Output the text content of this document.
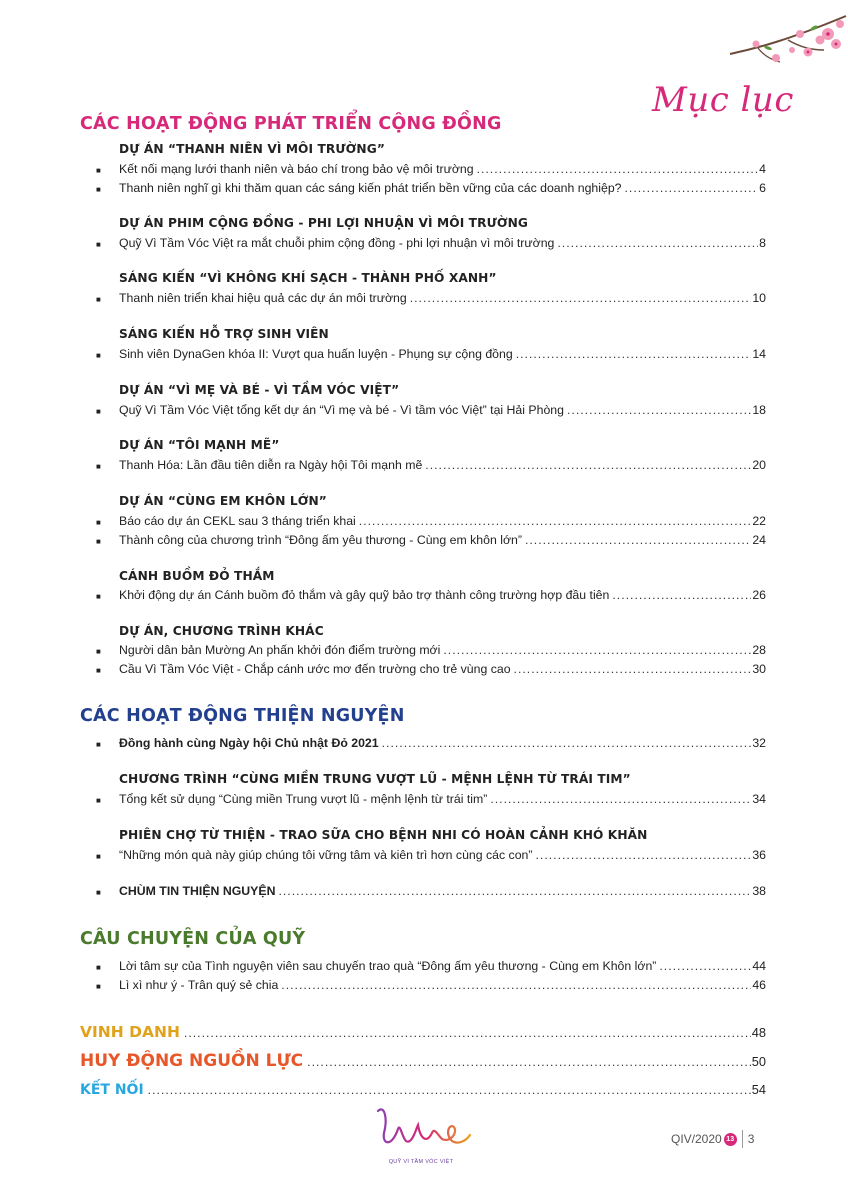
Mục lục
CÁC HOẠT ĐỘNG PHÁT TRIỂN CỘNG ĐỒNG
DỰ ÁN “THANH NIÊN VÌ MÔI TRƯỜNG”
■	Kết nối mạng lưới thanh niên và báo chí trong bảo vệ môi trường .....	4
■	Thanh niên nghĩ gì khi thăm quan các sáng kiến phát triển bền vững của các doanh nghiệp? .....	6
DỰ ÁN PHIM CỘNG ĐỒNG - PHI LỢI NHUẬN VÌ MÔI TRƯỜNG
■	Quỹ Vì Tầm Vóc Việt ra mắt chuỗi phim cộng đồng - phi lợi nhuận vì môi trường .....	8
SÁNG KIẾN “VÌ KHÔNG KHÍ SẠCH - THÀNH PHỐ XANH”
■	Thanh niên triển khai hiệu quả các dự án môi trường .....	10
SÁNG KIẾN HỖ TRỢ SINH VIÊN
■	Sinh viên DynaGen khóa II: Vượt qua huấn luyện - Phụng sự cộng đồng .....	14
DỰ ÁN “VÌ MẸ VÀ BÉ - VÌ TẦM VÓC VIỆT”
■	Quỹ Vì Tầm Vóc Việt tổng kết dự án “Vì mẹ và bé - Vì tầm vóc Việt” tại Hải Phòng .....	18
DỰ ÁN “TÔI MẠNH MẼ”
■	Thanh Hóa: Lần đầu tiên diễn ra Ngày hội Tôi mạnh mẽ .....	20
DỰ ÁN “CÙNG EM KHÔN LỚN”
■	Báo cáo dự án CEKL sau 3 tháng triển khai .....	22
■	Thành công của chương trình “Đông ấm yêu thương - Cùng em khôn lớn” .....	24
CÁNH BUỒM ĐỎ THẮM
■	Khởi động dự án Cánh buồm đỏ thắm và gây quỹ bảo trợ thành công trường hợp đầu tiên .....	26
DỰ ÁN, CHƯƠNG TRÌNH KHÁC
■	Người dân bản Mường An phấn khởi đón điểm trường mới .....	28
■	Cầu Vì Tầm Vóc Việt - Chắp cánh ước mơ đến trường cho trẻ vùng cao .....	30
CÁC HOẠT ĐỘNG THIỆN NGUYỆN
■	Đồng hành cùng Ngày hội Chủ nhật Đỏ 2021 .....	32
CHƯƠNG TRÌNH “CÙNG MIỀN TRUNG VƯỢT LŨ - MỆNH LỆNH TỪ TRÁI TIM”
■	Tổng kết sử dụng “Cùng miền Trung vượt lũ - mệnh lệnh từ trái tim” .....	34
PHIÊN CHỢ TỪ THIỆN - TRAO SỮA CHO BỆNH NHI CÓ HOÀN CẢNH KHÓ KHĂN
■	“Những món quà này giúp chúng tôi vững tâm và kiên trì hơn cùng các con” .....	36
■	CHÙM TIN THIỆN NGUYỆN .....	38
CÂU CHUYỆN CỦA QUỸ
■	Lời tâm sự của Tình nguyện viên sau chuyến trao quà “Đông ấm yêu thương - Cùng em Khôn lớn” .....	44
■	Lì xì như ý - Trân quý sẻ chia .....	46
VINH DANH .....	48
HUY ĐỘNG NGUỒN LỰC .....	50
KẾT NỐI .....	54
QUỸ VÌ TẦM VÓC VIỆT
QIV/2020 13 3
